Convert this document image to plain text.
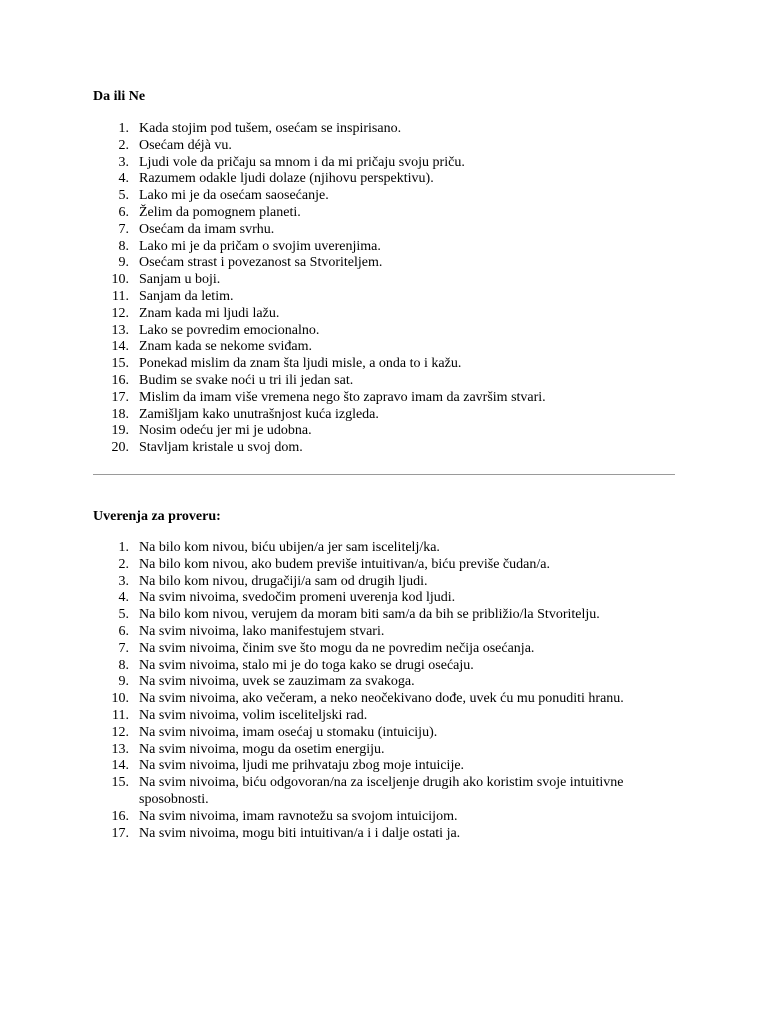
Da ili Ne
1. Kada stojim pod tušem, osećam se inspirisano.
2. Osećam déjà vu.
3. Ljudi vole da pričaju sa mnom i da mi pričaju svoju priču.
4. Razumem odakle ljudi dolaze (njihovu perspektivu).
5. Lako mi je da osećam saosećanje.
6. Želim da pomognem planeti.
7. Osećam da imam svrhu.
8. Lako mi je da pričam o svojim uverenjima.
9. Osećam strast i povezanost sa Stvoriteljem.
10. Sanjam u boji.
11. Sanjam da letim.
12. Znam kada mi ljudi lažu.
13. Lako se povredim emocionalno.
14. Znam kada se nekome sviđam.
15. Ponekad mislim da znam šta ljudi misle, a onda to i kažu.
16. Budim se svake noći u tri ili jedan sat.
17. Mislim da imam više vremena nego što zapravo imam da završim stvari.
18. Zamišljam kako unutrašnjost kuća izgleda.
19. Nosim odeću jer mi je udobna.
20. Stavljam kristale u svoj dom.
Uverenja za proveru:
1. Na bilo kom nivou, biću ubijen/a jer sam iscelitelj/ka.
2. Na bilo kom nivou, ako budem previše intuitivan/a, biću previše čudan/a.
3. Na bilo kom nivou, drugačiji/a sam od drugih ljudi.
4. Na svim nivoima, svedočim promeni uverenja kod ljudi.
5. Na bilo kom nivou, verujem da moram biti sam/a da bih se približio/la Stvoritelju.
6. Na svim nivoima, lako manifestujem stvari.
7. Na svim nivoima, činim sve što mogu da ne povredim nečija osećanja.
8. Na svim nivoima, stalo mi je do toga kako se drugi osećaju.
9. Na svim nivoima, uvek se zauzimam za svakoga.
10. Na svim nivoima, ako večeram, a neko neočekivano dođe, uvek ću mu ponuditi hranu.
11. Na svim nivoima, volim isceliteljski rad.
12. Na svim nivoima, imam osećaj u stomaku (intuiciju).
13. Na svim nivoima, mogu da osetim energiju.
14. Na svim nivoima, ljudi me prihvataju zbog moje intuicije.
15. Na svim nivoima, biću odgovoran/na za isceljenje drugih ako koristim svoje intuitivne sposobnosti.
16. Na svim nivoima, imam ravnotežu sa svojom intuicijom.
17. Na svim nivoima, mogu biti intuitivan/a i i dalje ostati ja.
